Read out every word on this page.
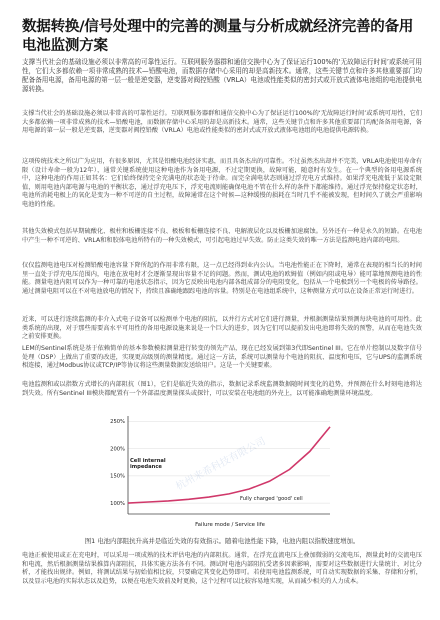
数据转换/信号处理中的完善的测量与分析成就经济完善的备用电池监测方案

支撑当代社会的基础设施必须以非常高的可靠性运行。互联网服务器群和通信交换中心为了保证运行100%的‘无故障运行时间’或系统可用性，它们大多都依赖一项非常成熟的技术—铅酸电池，而数据存储中心采用的却是高新技术。通常，这些关键节点和许多其他重要部门均配备备用电源，备用电源的第一层一般是逆变器，逆变器对阀控铅酸（VRLA）电池或性能类似的密封式或开放式液体电池组的电池提供电源转换。

支撑当代社会的基础设施必须以非常高的可靠性运行。互联网服务器群和通信交换中心为了保证运行100%的‘无故障运行时间’或系统可用性，它们大多都依赖一项非常成熟的技术—铅酸电池，而数据存储中心采用的却是高新技术。通常，这些关键节点和许多其他重要部门均配备备用电源，备用电源的第一层一般是逆变器，逆变器对阀控铅酸（VRLA）电池或性能类似的密封式或开放式液体电池组的电池提供电源转换。

这项传统技术之所以广为应用，有很多原因，尤其是铅酸电池经济实惠，而且具备杰出的可靠性。不过虽然杰出却并不完美，VRLA电池使用寿命有限（设计寿命一般为12年），通常关键系统使用这种电池作为备用电源，不过定期更换，故障可能，随意时有发生。在一个典型的备用电源系统中，这种电池的作用正如其名：它们始终保持完全充满电的状态处于待命。而完全满电状态则通过浮充电方式维持。如果浮充电流低于某设定限值，则用电池内部电源与电池的平衡状态，通过浮充电压下，浮充电流则能确保电池不管在什么样的条件下都能维持。通过浮充保持稳定状态时，电池所消耗电极上的氧化是变为一种不可逆的自主过程，故障通常在这个时候—这种缓慢的损耗在当时几乎不能被发现，但时间久了就会严重影响电池的性能。

其他失效模式包括早期硫酸化、极柱和板栅连接不良、极板和板栅连接不良、电解液层化以及板栅加速腐蚀。另外还有一种是永久的短路。在电池中产生一种不可逆的、VRLA和和胶体电池所特有的一种失效模式，可引起电池过早失效。防止这类失效的唯一方法是监测电池内部的电阻。

仅仅监测电池电压对检测铅酸电池容量下降所起的作用非常有限，这一点已经得到业内公认。当电池性能正在下降时，通常在表现的相当长的时间里一直处于浮充电压范围内，电池在放电时才会逐渐显现出容量不足的问题。然而，测试电池的欧姆值（例如内阻或电导）能可靠地预测电池的性能。测量电池内阻可以作为一种可靠的电池状态指示，因为它反映出电池内部各组成部分的电阻变化，包括从一个电极到另一个电极的传导路径。通过测量电阻可以在不对电池放电的情况下，持续且准确地跟踪电池的容量。特别是在电池组系统中，这种测量方式可以在设备正常运行时进行。

近来，可以进行连续监测的非介入式电子设备可以检测单个电池的阻抗，以并行方式对它们进行测量，并根据测量结果预测每块电池的可用性。此类系统的出现，对于那些需要高水平可用性的备用电源设施来说是一个巨大的进步，因为它们可以提前发出电池即将失效的预警，从而在电池失效之前安排更换。

LEM的Sentinel系统是基于依赖简单的基本参数模拟测量进行转变的领先产品，现在已经发展到第3代即Sentinel III。它在单片控制以及数字信号处理（DSP）上做出了重要的改进，实现更高级别的测量精度。通过这一方法，系统可以测量每个电池的阻抗、温度和电压，它与UPS的监测系统相连接，通过Modbus协议或TCP/IP等协议将这些测量数据发送给用户。这是一个关键要素。

电池监测和或以指数方式增长的内部阻抗（图1），它们是临近失效的指示，数据记录系统监测数据随时间变化的趋势，并预测在什么时刻电池将达到失效。所有Sentinel III模块都配置有一个外部温度测量探头或探针，可以安装在电池组的外壳上，以可能准确地测量环境温度。

250%
200%
150%
100%
Cell internal impedance
Fully charged 'good' cell
Failure mode / Service life
图1 电池内部阻抗升高并是临近失效的有效指示。随着电池性能下降，电池内阻以指数速度增加。

电池正被使用或正在充电时，可以采用一项成熟的技术评估电池的内部阻抗。通常，在浮充直流电压上叠加微弱的交流电压，测量此时的交流电压和电流，然后根据测量结果推算内部阻抗，具体实施方法各有不同。测试时电池内部阻抗受诸多因素影响，需要对这些数据进行大量统计、对比分析，才能找出规律。例如，将测试结果与初始值相比较，只要确定其变化趋势即可。若使用电池监测系统，可自动实现数据的采集、存储和分析，以及显示电池的实际状态以及趋势，以便在电池失效前及时更换，这个过程可以比较容易地实现，从而减少相关的人力成本。

杭州来希科技有限公司
